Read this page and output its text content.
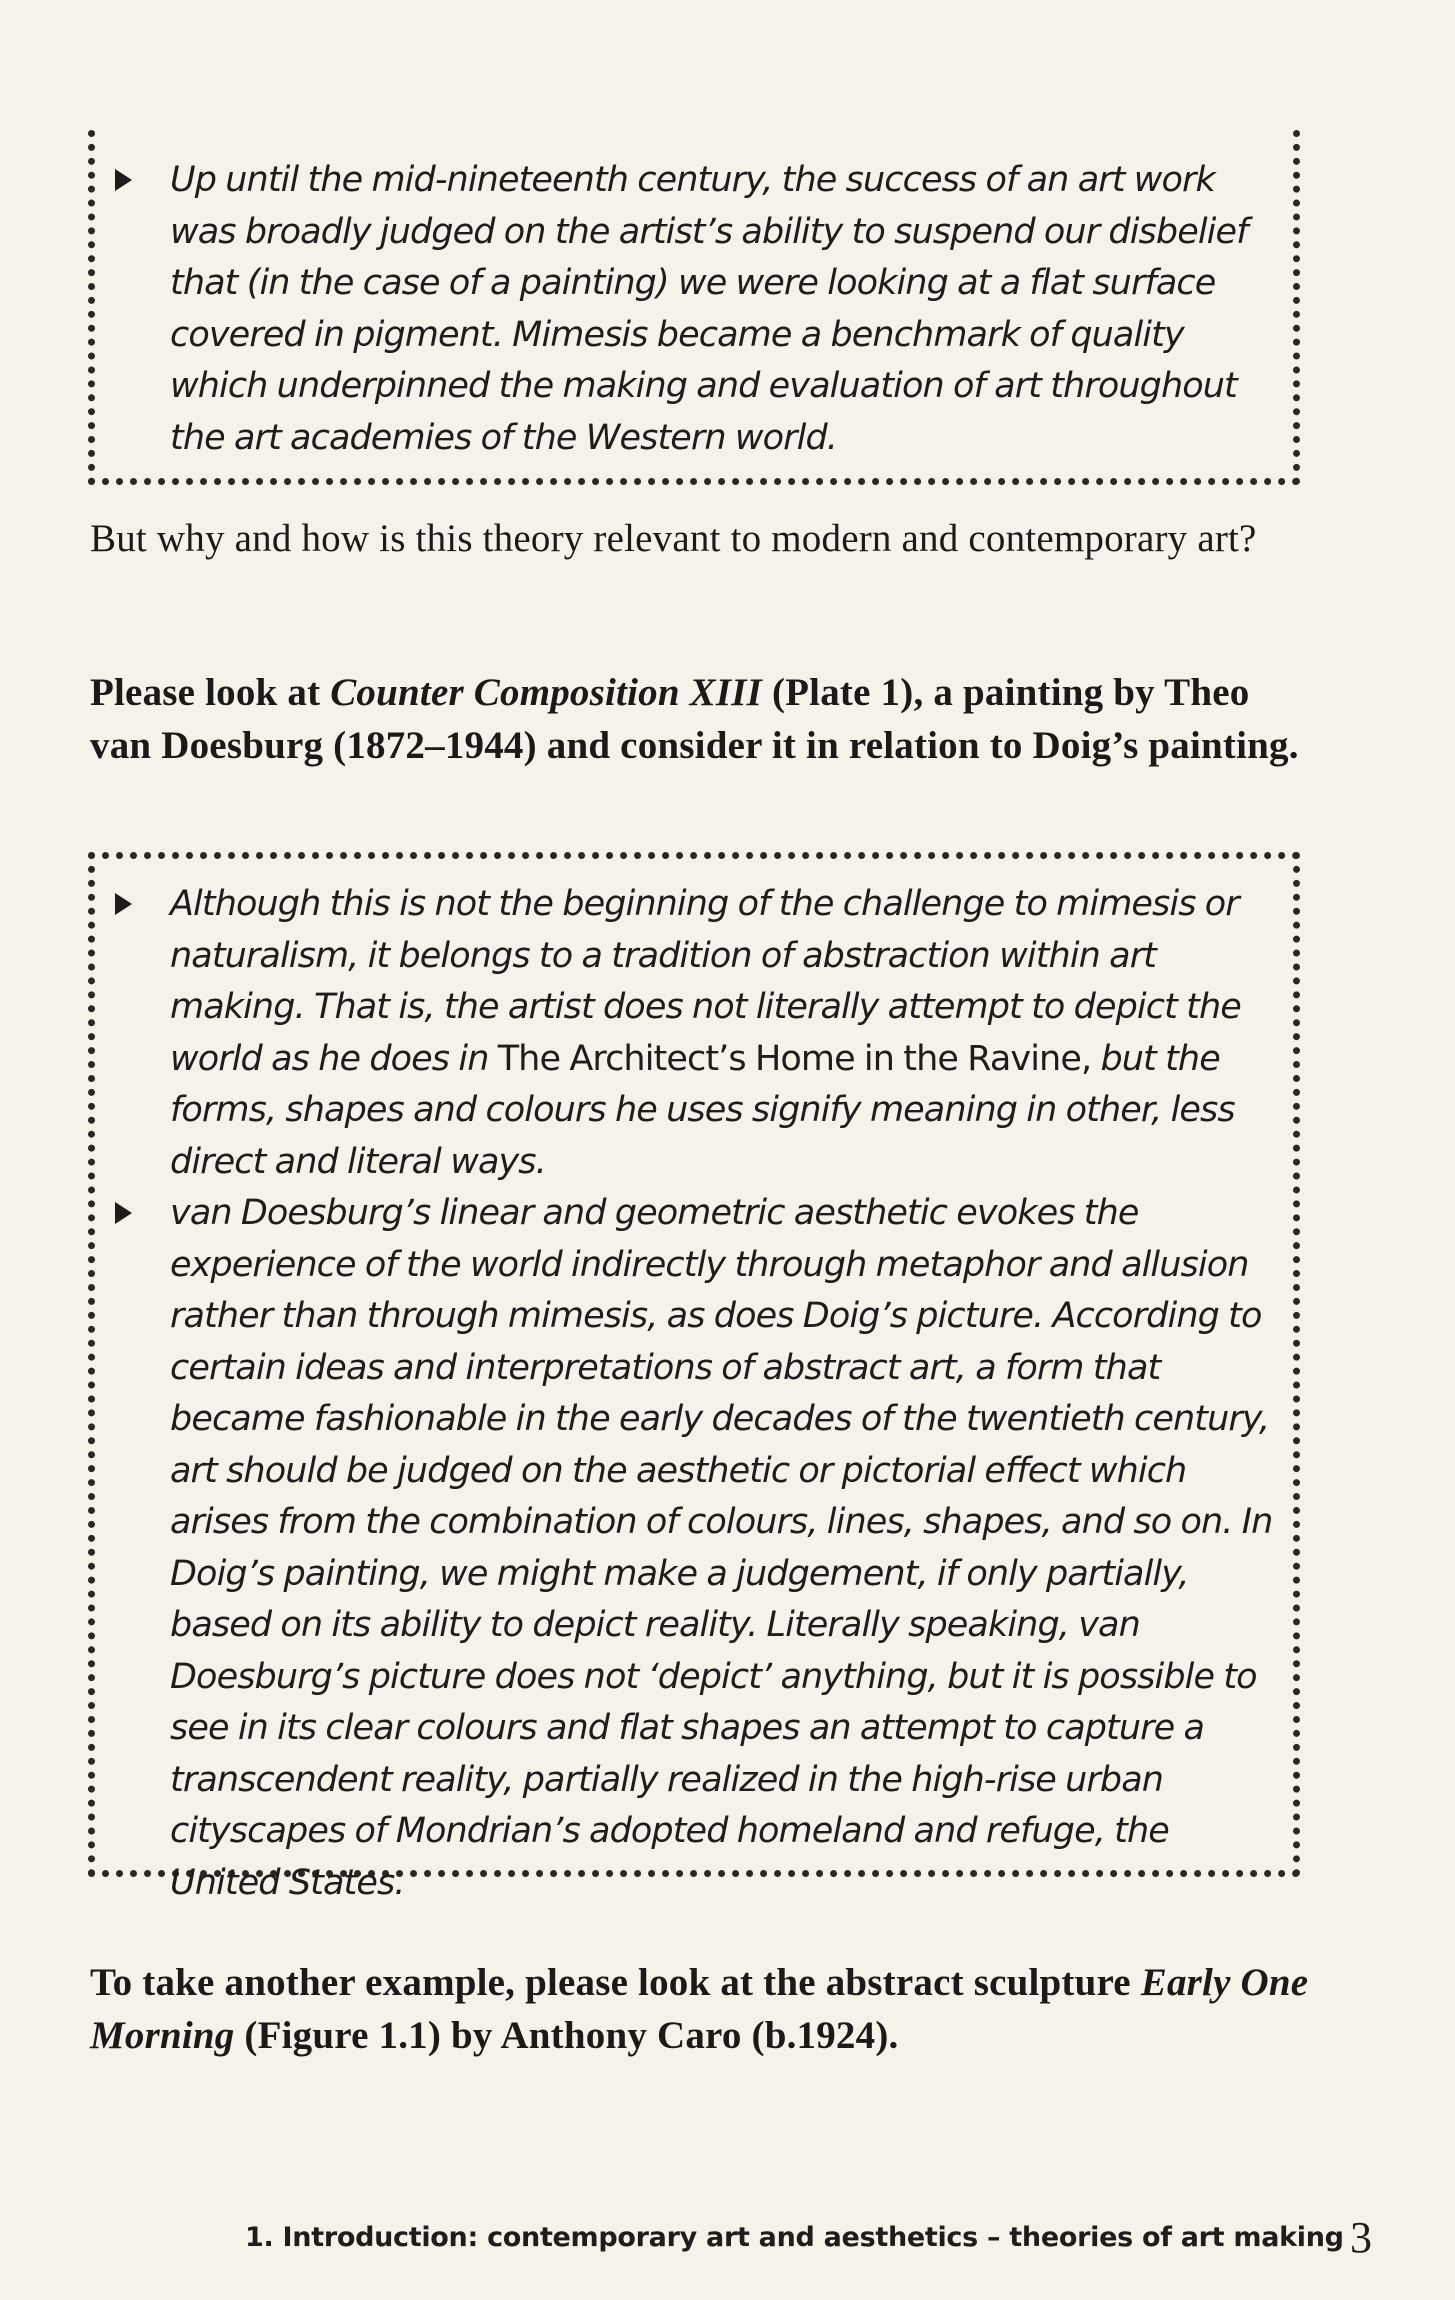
Up until the mid-nineteenth century, the success of an art work was broadly judged on the artist’s ability to suspend our disbelief that (in the case of a painting) we were looking at a flat surface covered in pigment. Mimesis became a benchmark of quality which underpinned the making and evaluation of art throughout the art academies of the Western world.
But why and how is this theory relevant to modern and contemporary art?
Please look at Counter Composition XIII (Plate 1), a painting by Theo van Doesburg (1872–1944) and consider it in relation to Doig’s painting.
Although this is not the beginning of the challenge to mimesis or naturalism, it belongs to a tradition of abstraction within art making. That is, the artist does not literally attempt to depict the world as he does in The Architect’s Home in the Ravine, but the forms, shapes and colours he uses signify meaning in other, less direct and literal ways.
van Doesburg’s linear and geometric aesthetic evokes the experience of the world indirectly through metaphor and allusion rather than through mimesis, as does Doig’s picture. According to certain ideas and interpretations of abstract art, a form that became fashionable in the early decades of the twentieth century, art should be judged on the aesthetic or pictorial effect which arises from the combination of colours, lines, shapes, and so on. In Doig’s painting, we might make a judgement, if only partially, based on its ability to depict reality. Literally speaking, van Doesburg’s picture does not ‘depict’ anything, but it is possible to see in its clear colours and flat shapes an attempt to capture a transcendent reality, partially realized in the high-rise urban cityscapes of Mondrian’s adopted homeland and refuge, the United States.
To take another example, please look at the abstract sculpture Early One Morning (Figure 1.1) by Anthony Caro (b.1924).
1. Introduction: contemporary art and aesthetics – theories of art making 3
